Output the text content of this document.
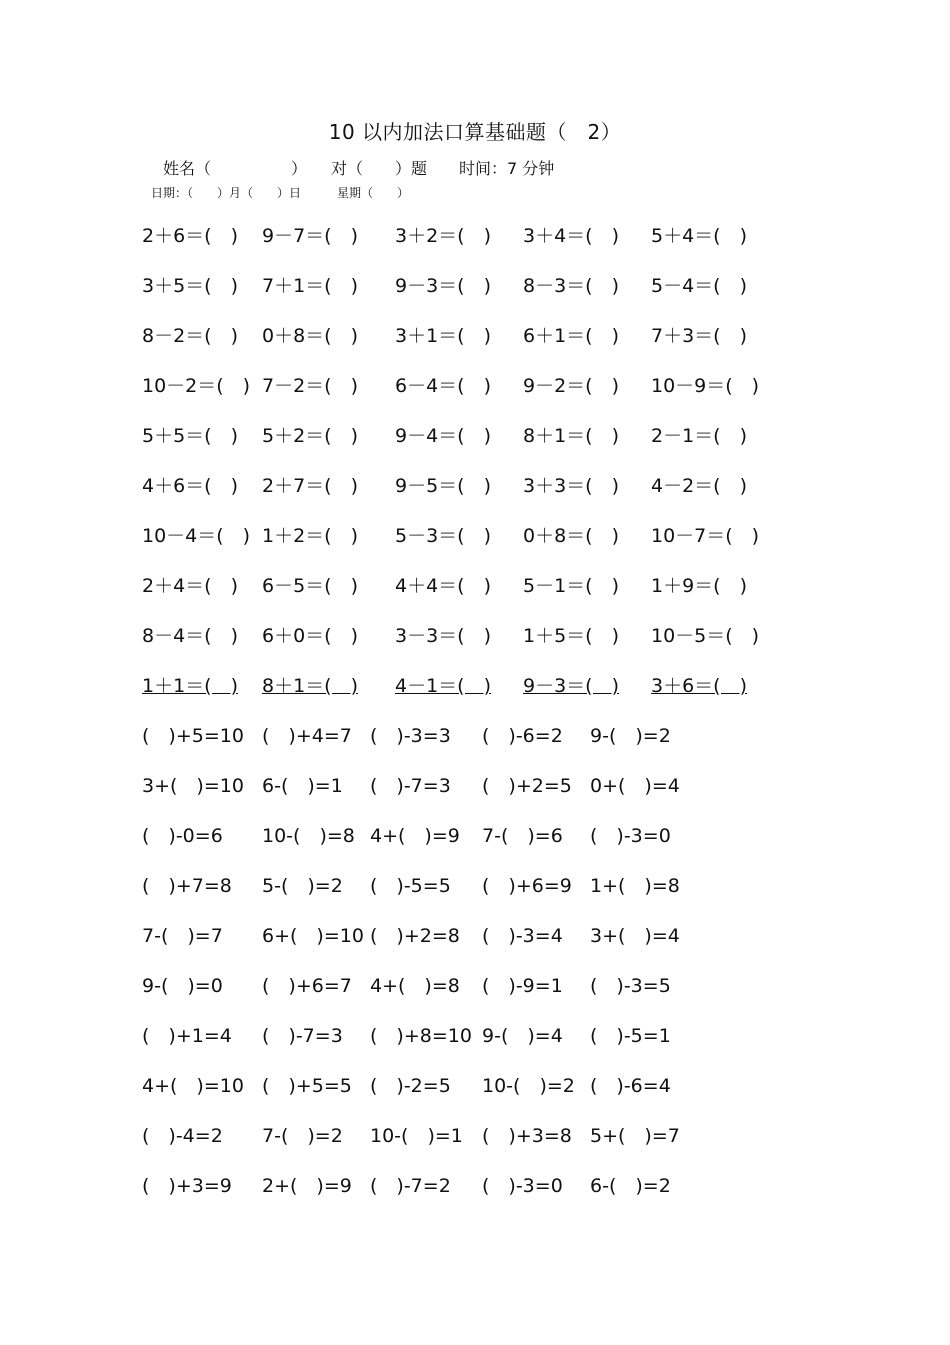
10 以内加法口算基础题（　2）
姓名（　　　　　）　　对（　　）题　　时间：7 分钟
日期：（　　）月（　　）日　　　星期（　　）
2＋6＝(　) 9－7＝(　) 3＋2＝(　) 3＋4＝(　) 5＋4＝(　)
3＋5＝(　) 7＋1＝(　) 9－3＝(　) 8－3＝(　) 5－4＝(　)
8－2＝(　) 0＋8＝(　) 3＋1＝(　) 6＋1＝(　) 7＋3＝(　)
10－2＝(　) 7－2＝(　) 6－4＝(　) 9－2＝(　) 10－9＝(　)
5＋5＝(　) 5＋2＝(　) 9－4＝(　) 8＋1＝(　) 2－1＝(　)
4＋6＝(　) 2＋7＝(　) 9－5＝(　) 3＋3＝(　) 4－2＝(　)
10－4＝(　) 1＋2＝(　) 5－3＝(　) 0＋8＝(　) 10－7＝(　)
2＋4＝(　) 6－5＝(　) 4＋4＝(　) 5－1＝(　) 1＋9＝(　)
8－4＝(　) 6＋0＝(　) 3－3＝(　) 1＋5＝(　) 10－5＝(　)
1＋1＝(　) 8＋1＝(　) 4－1＝(　) 9－3＝(　) 3＋6＝(　)
(　)+5=10 (　)+4=7 (　)-3=3 (　)-6=2 9-(　)=2
3+(　)=10 6-(　)=1 (　)-7=3 (　)+2=5 0+(　)=4
(　)-0=6 10-(　)=8 4+(　)=9 7-(　)=6 (　)-3=0
(　)+7=8 5-(　)=2 (　)-5=5 (　)+6=9 1+(　)=8
7-(　)=7 6+(　)=10 (　)+2=8 (　)-3=4 3+(　)=4
9-(　)=0 (　)+6=7 4+(　)=8 (　)-9=1 (　)-3=5
(　)+1=4 (　)-7=3 (　)+8=10 9-(　)=4 (　)-5=1
4+(　)=10 (　)+5=5 (　)-2=5 10-(　)=2 (　)-6=4
(　)-4=2 7-(　)=2 10-(　)=1 (　)+3=8 5+(　)=7
(　)+3=9 2+(　)=9 (　)-7=2 (　)-3=0 6-(　)=2
